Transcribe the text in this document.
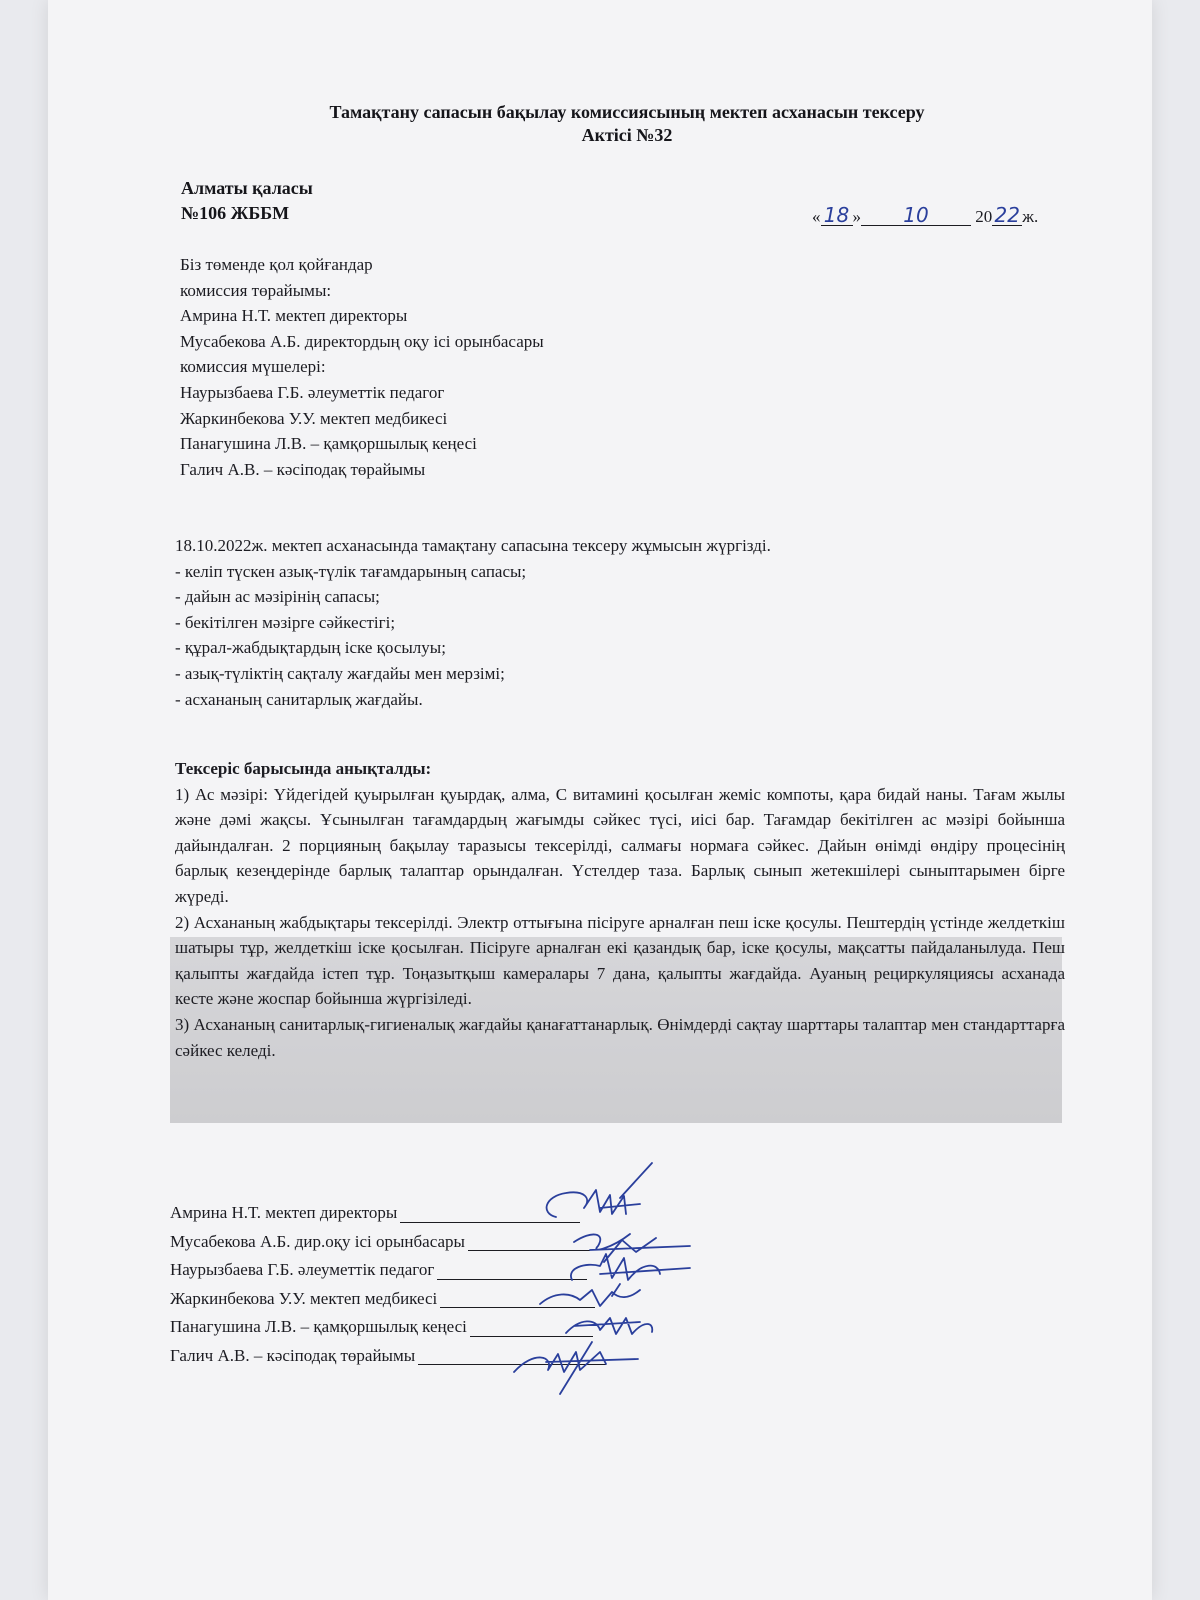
Тамақтану сапасын бақылау комиссиясының мектеп асханасын тексеру
Актісі №32
Алматы қаласы
№106 ЖББМ	« 18 » 10	20 22 ж.
Біз төменде қол қойғандар
комиссия төрайымы:
Амрина Н.Т. мектеп директоры
Мусабекова А.Б. директордың оқу ісі орынбасары
комиссия мүшелері:
Наурызбаева Г.Б. әлеуметтік педагог
Жаркинбекова У.У. мектеп медбикесі
Панагушина Л.В. – қамқоршылық кеңесі
Галич А.В. – кәсіподақ төрайымы

18.10.2022ж. мектеп асханасында тамақтану сапасына тексеру жұмысын жүргізді.

- келіп түскен азық-түлік тағамдарының сапасы;

- дайын ас мәзірінің сапасы;

- бекітілген мәзірге сәйкестігі;

- құрал-жабдықтардың іске қосылуы;

- азық-түліктің сақталу жағдайы мен мерзімі;

- асхананың санитарлық жағдайы.

Тексеріс барысында анықталды:

1) Ас мәзірі: Үйдегідей қуырылған қуырдақ, алма, С витамині қосылған жеміс компоты, қара бидай наны. Тағам жылы және дәмі жақсы. Ұсынылған тағамдардың жағымды сәйкес түсі, иісі бар. Тағамдар бекітілген ас мәзірі бойынша дайындалған. 2 порцияның бақылау таразысы тексерілді, салмағы нормаға сәйкес. Дайын өнімді өндіру процесінің барлық кезеңдерінде барлық талаптар орындалған. Үстелдер таза. Барлық сынып жетекшілері сыныптарымен бірге жүреді.

2) Асхананың жабдықтары тексерілді. Электр оттығына пісіруге арналған пеш іске қосулы. Пештердің үстінде желдеткіш шатыры тұр, желдеткіш іске қосылған. Пісіруге арналған екі қазандық бар, іске қосулы, мақсатты пайдаланылуда. Пеш қалыпты жағдайда істеп тұр. Тоңазытқыш камералары 7 дана, қалыпты жағдайда. Ауаның рециркуляциясы асханада кесте және жоспар бойынша жүргізіледі.

3) Асхананың санитарлық-гигиеналық жағдайы қанағаттанарлық. Өнімдерді сақтау шарттары талаптар мен стандарттарға сәйкес келеді.

Амрина Н.Т. мектеп директоры
Мусабекова А.Б. дир.оқу ісі орынбасары
Наурызбаева Г.Б. әлеуметтік педагог
Жаркинбекова У.У. мектеп медбикесі
Панагушина Л.В. – қамқоршылық кеңесі
Галич А.В. – кәсіподақ төрайымы
